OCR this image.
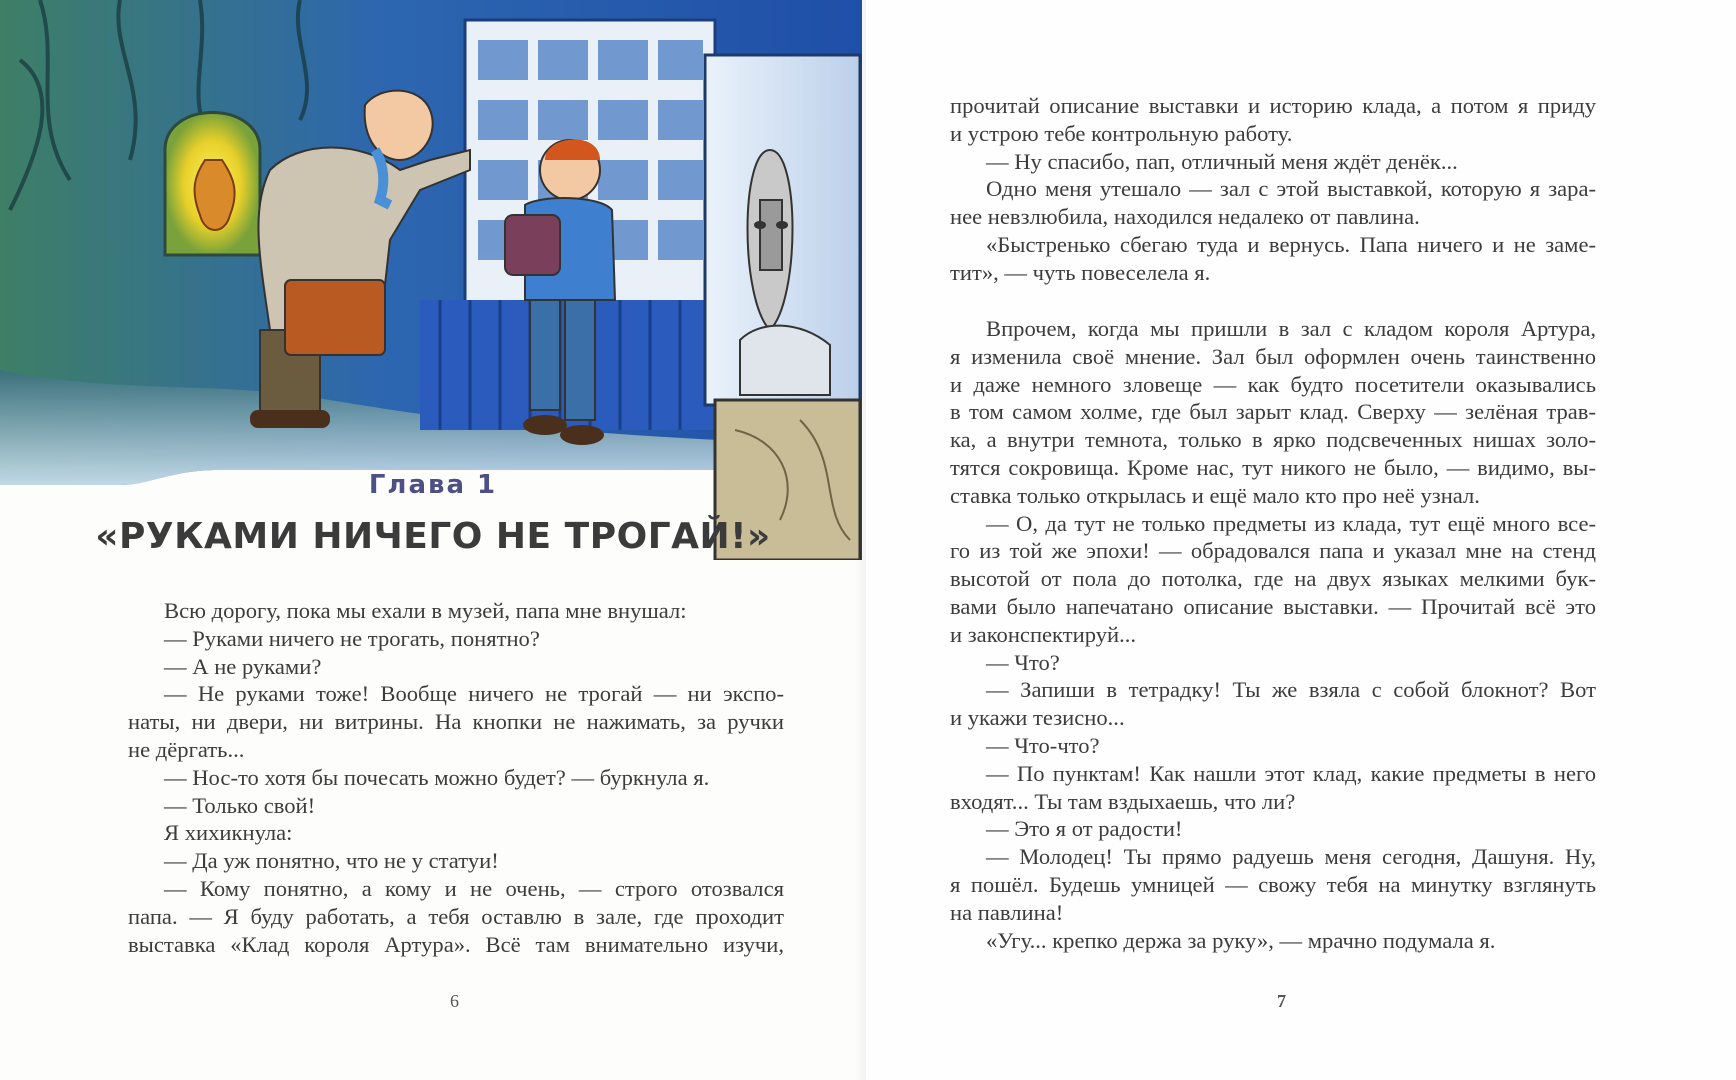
Глава 1
«РУКАМИ НИЧЕГО НЕ ТРОГАЙ!»
Всю дорогу, пока мы ехали в музей, папа мне внушал:
— Руками ничего не трогать, понятно?
— А не руками?
— Не руками тоже! Вообще ничего не трогай — ни экспо-
наты, ни двери, ни витрины. На кнопки не нажимать, за ручки
не дёргать...
— Нос-то хотя бы почесать можно будет? — буркнула я.
— Только свой!
Я хихикнула:
— Да уж понятно, что не у статуи!
— Кому понятно, а кому и не очень, — строго отозвался
папа. — Я буду работать, а тебя оставлю в зале, где проходит
выставка «Клад короля Артура». Всё там внимательно изучи,
6
прочитай описание выставки и историю клада, а потом я приду
и устрою тебе контрольную работу.
— Ну спасибо, пап, отличный меня ждёт денёк...
Одно меня утешало — зал с этой выставкой, которую я зара-
нее невзлюбила, находился недалеко от павлина.
«Быстренько сбегаю туда и вернусь. Папа ничего и не заме-
тит», — чуть повеселела я.
Впрочем, когда мы пришли в зал с кладом короля Артура,
я изменила своё мнение. Зал был оформлен очень таинственно
и даже немного зловеще — как будто посетители оказывались
в том самом холме, где был зарыт клад. Сверху — зелёная трав-
ка, а внутри темнота, только в ярко подсвеченных нишах золо-
тятся сокровища. Кроме нас, тут никого не было, — видимо, вы-
ставка только открылась и ещё мало кто про неё узнал.
— О, да тут не только предметы из клада, тут ещё много все-
го из той же эпохи! — обрадовался папа и указал мне на стенд
высотой от пола до потолка, где на двух языках мелкими бук-
вами было напечатано описание выставки. — Прочитай всё это
и законспектируй...
— Что?
— Запиши в тетрадку! Ты же взяла с собой блокнот? Вот
и укажи тезисно...
— Что-что?
— По пунктам! Как нашли этот клад, какие предметы в него
входят... Ты там вздыхаешь, что ли?
— Это я от радости!
— Молодец! Ты прямо радуешь меня сегодня, Дашуня. Ну,
я пошёл. Будешь умницей — свожу тебя на минутку взглянуть
на павлина!
«Угу... крепко держа за руку», — мрачно подумала я.
7
